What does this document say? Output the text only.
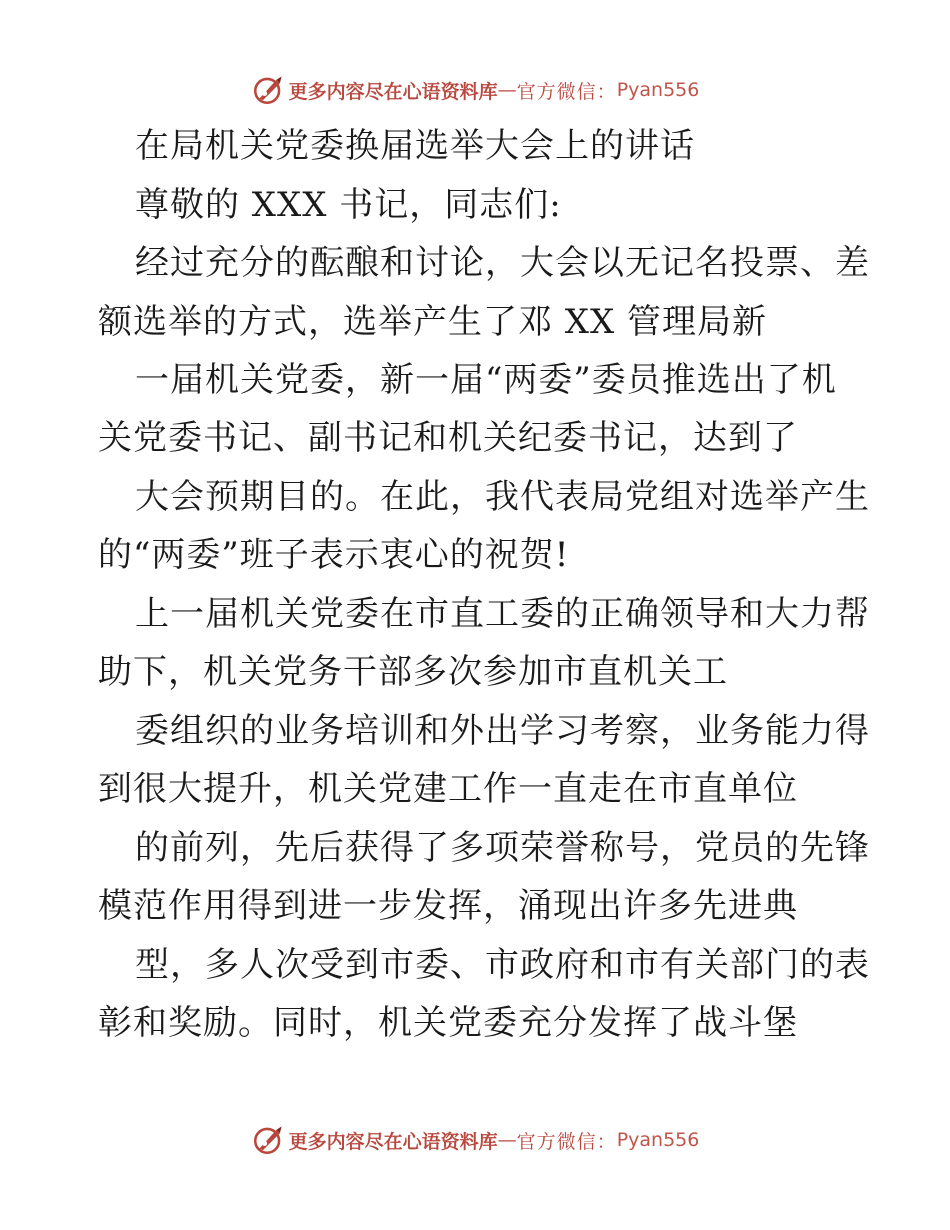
更多内容尽在心语资料库 — 官方微信： Pyan556
在局机关党委换届选举大会上的讲话
尊敬的 XXX 书记，同志们:
经过充分的酝酿和讨论，大会以无记名投票、差
额选举的方式，选举产生了邓 XX 管理局新
一届机关党委，新一届“两委”委员推选出了机
关党委书记、副书记和机关纪委书记，达到了
大会预期目的。在此，我代表局党组对选举产生
的“两委”班子表示衷心的祝贺!
上一届机关党委在市直工委的正确领导和大力帮
助下，机关党务干部多次参加市直机关工
委组织的业务培训和外出学习考察，业务能力得
到很大提升，机关党建工作一直走在市直单位
的前列，先后获得了多项荣誉称号，党员的先锋
模范作用得到进一步发挥，涌现出许多先进典
型，多人次受到市委、市政府和市有关部门的表
彰和奖励。同时，机关党委充分发挥了战斗堡
更多内容尽在心语资料库 — 官方微信： Pyan556
